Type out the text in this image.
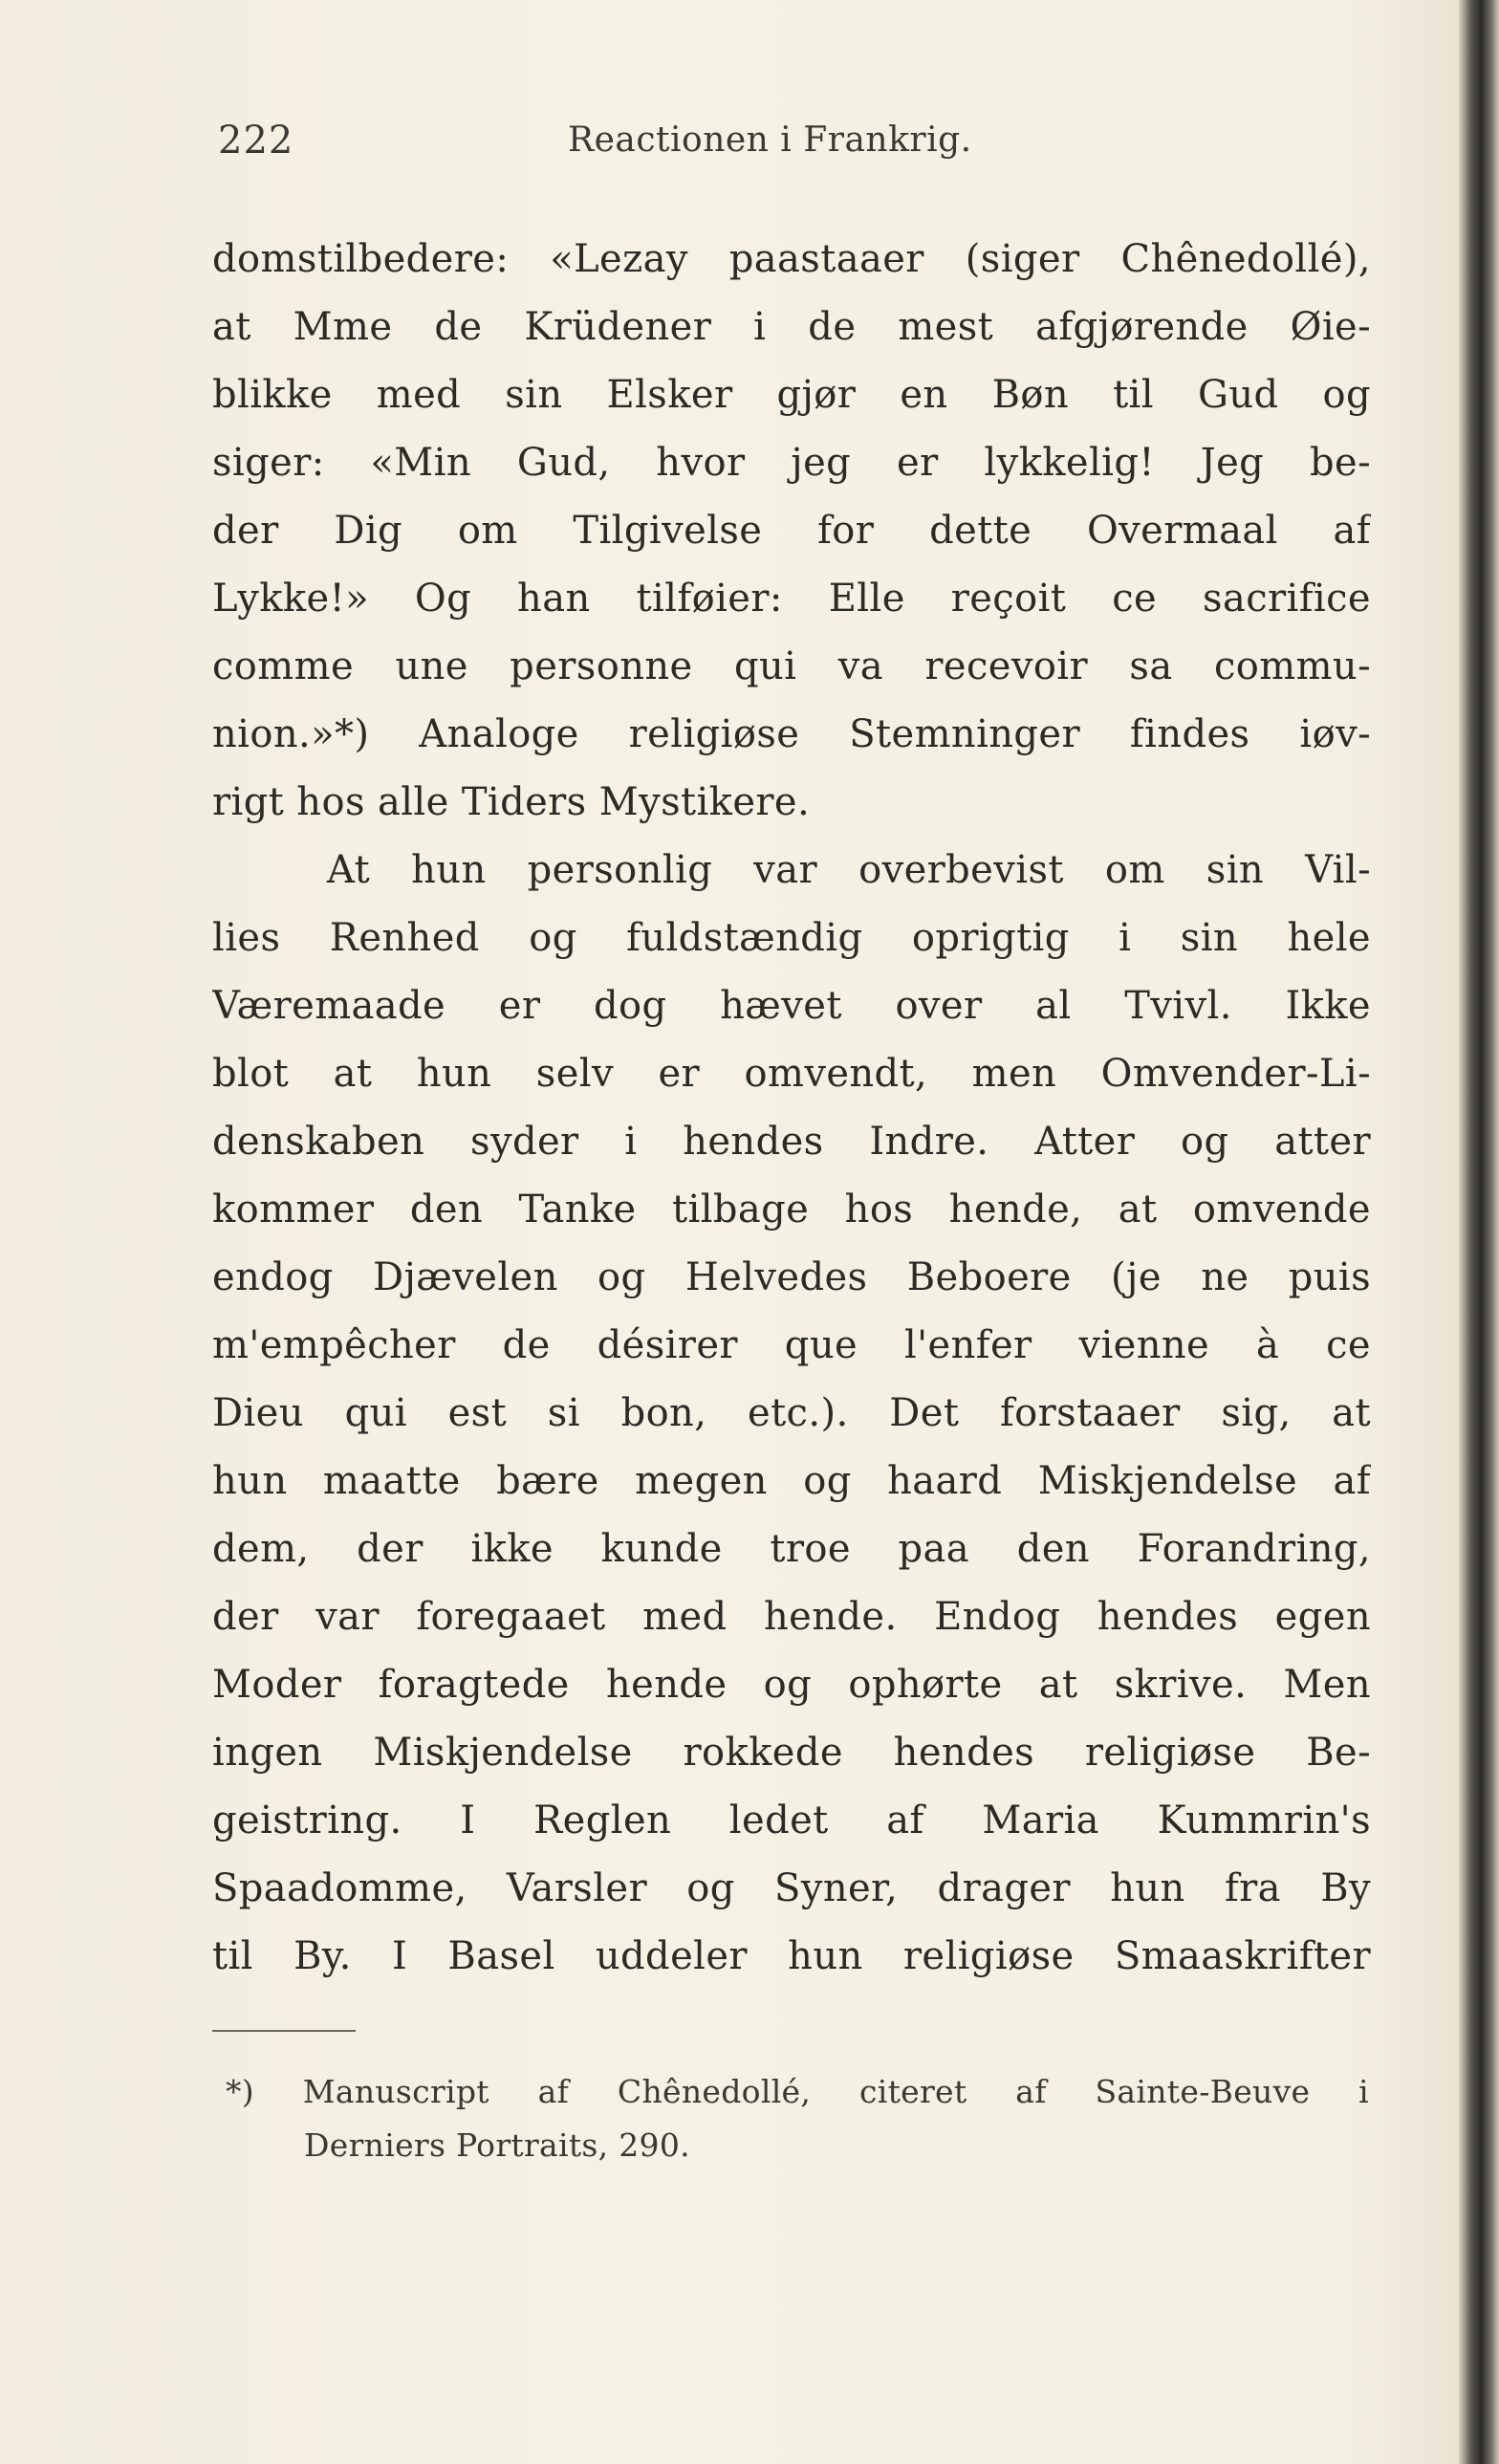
222	Reactionen i Frankrig.
domstilbedere: «Lezay paastaaer (siger Chênedollé),
at Mme de Krüdener i de mest afgjørende Øie-
blikke med sin Elsker gjør en Bøn til Gud og
siger: «Min Gud, hvor jeg er lykkelig! Jeg be-
der Dig om Tilgivelse for dette Overmaal af
Lykke!» Og han tilføier: Elle reçoit ce sacrifice
comme une personne qui va recevoir sa commu-
nion.»*) Analoge religiøse Stemninger findes iøv-
rigt hos alle Tiders Mystikere.
At hun personlig var overbevist om sin Vil-
lies Renhed og fuldstændig oprigtig i sin hele
Væremaade er dog hævet over al Tvivl. Ikke
blot at hun selv er omvendt, men Omvender-Li-
denskaben syder i hendes Indre. Atter og atter
kommer den Tanke tilbage hos hende, at omvende
endog Djævelen og Helvedes Beboere (je ne puis
m'empêcher de désirer que l'enfer vienne à ce
Dieu qui est si bon, etc.). Det forstaaer sig, at
hun maatte bære megen og haard Miskjendelse af
dem, der ikke kunde troe paa den Forandring,
der var foregaaet med hende. Endog hendes egen
Moder foragtede hende og ophørte at skrive. Men
ingen Miskjendelse rokkede hendes religiøse Be-
geistring. I Reglen ledet af Maria Kummrin's
Spaadomme, Varsler og Syner, drager hun fra By
til By. I Basel uddeler hun religiøse Smaaskrifter
*) Manuscript af Chênedollé, citeret af Sainte-Beuve i
Derniers Portraits, 290.
